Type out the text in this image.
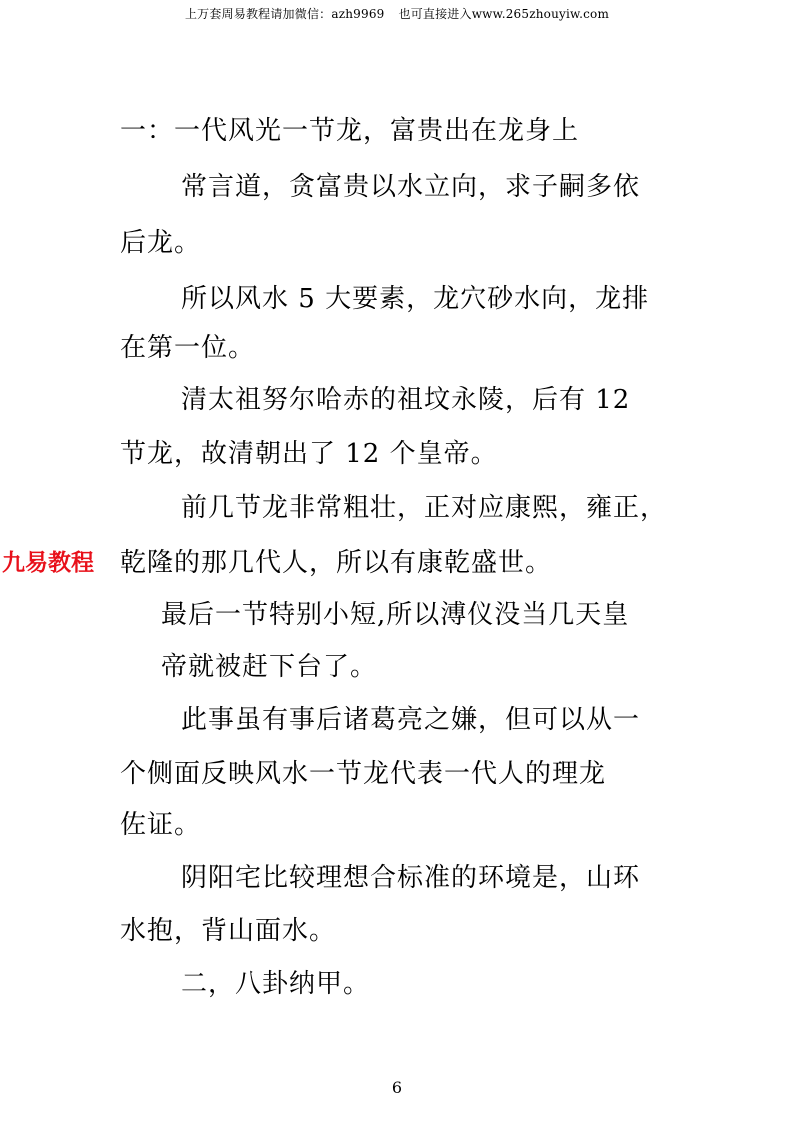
上万套周易教程请加微信：azh9969 也可直接进入www.265zhouyiw.com
一：一代风光一节龙，富贵出在龙身上
常言道，贪富贵以水立向，求子嗣多依
后龙。
所以风水 5 大要素，龙穴砂水向，龙排
在第一位。
清太祖努尔哈赤的祖坟永陵，后有 12
节龙，故清朝出了 12 个皇帝。
前几节龙非常粗壮，正对应康熙，雍正，
乾隆的那几代人，所以有康乾盛世。
最后一节特别小短,所以溥仪没当几天皇
帝就被赶下台了。
此事虽有事后诸葛亮之嫌，但可以从一
个侧面反映风水一节龙代表一代人的理龙
佐证。
阴阳宅比较理想合标准的环境是，山环
水抱，背山面水。
二，八卦纳甲。
九易教程
6
